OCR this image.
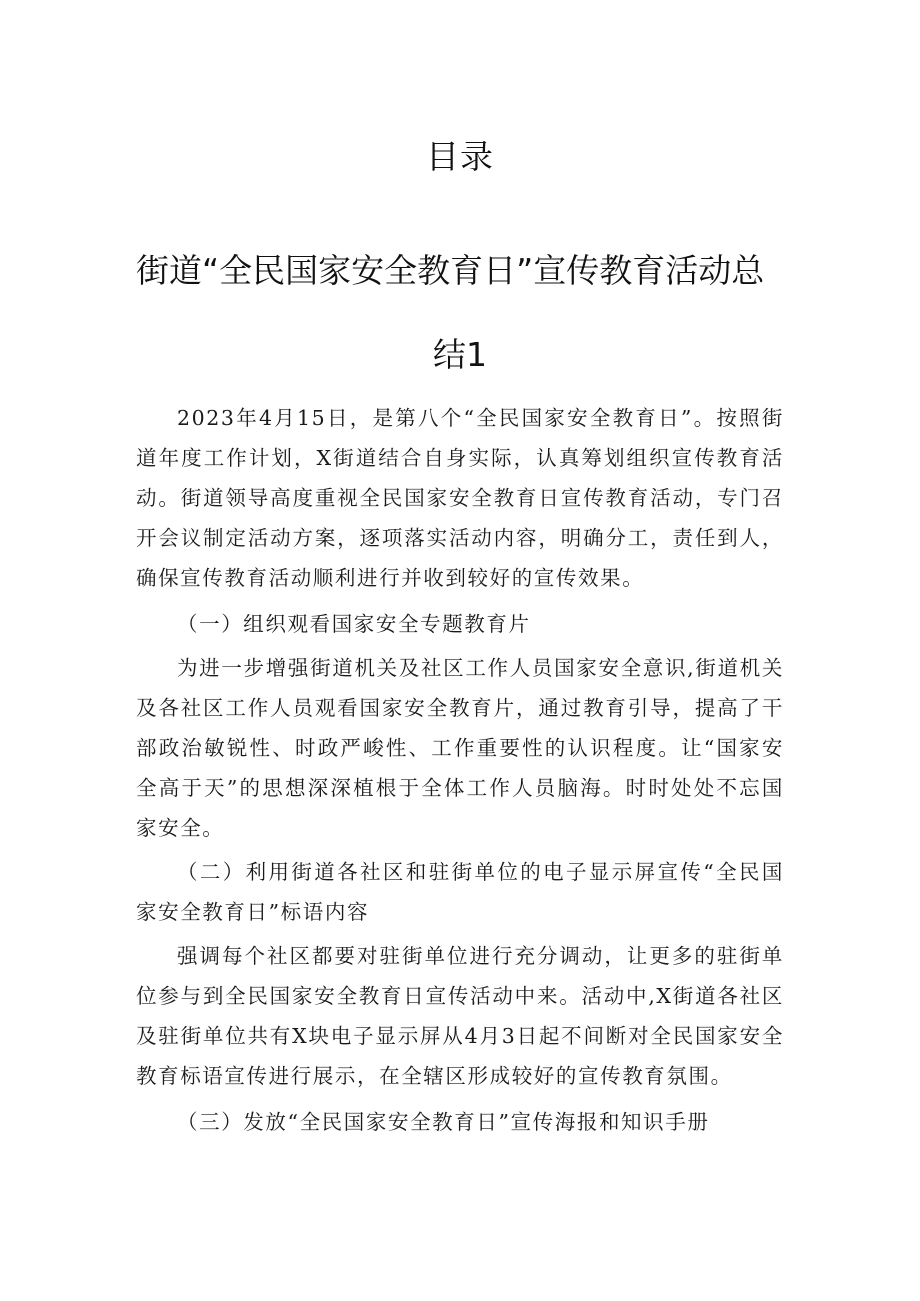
目录
街道“全民国家安全教育日”宣传教育活动总
结1

2023年4月15日，是第八个“全民国家安全教育日”。按照街道年度工作计划，X街道结合自身实际，认真筹划组织宣传教育活动。街道领导高度重视全民国家安全教育日宣传教育活动，专门召开会议制定活动方案，逐项落实活动内容，明确分工，责任到人，确保宣传教育活动顺利进行并收到较好的宣传效果。

（一）组织观看国家安全专题教育片

为进一步增强街道机关及社区工作人员国家安全意识,街道机关及各社区工作人员观看国家安全教育片，通过教育引导，提高了干部政治敏锐性、时政严峻性、工作重要性的认识程度。让“国家安全高于天”的思想深深植根于全体工作人员脑海。时时处处不忘国家安全。

（二）利用街道各社区和驻街单位的电子显示屏宣传“全民国家安全教育日”标语内容

强调每个社区都要对驻街单位进行充分调动，让更多的驻街单位参与到全民国家安全教育日宣传活动中来。活动中,X街道各社区及驻街单位共有X块电子显示屏从4月3日起不间断对全民国家安全教育标语宣传进行展示，在全辖区形成较好的宣传教育氛围。

（三）发放“全民国家安全教育日”宣传海报和知识手册
